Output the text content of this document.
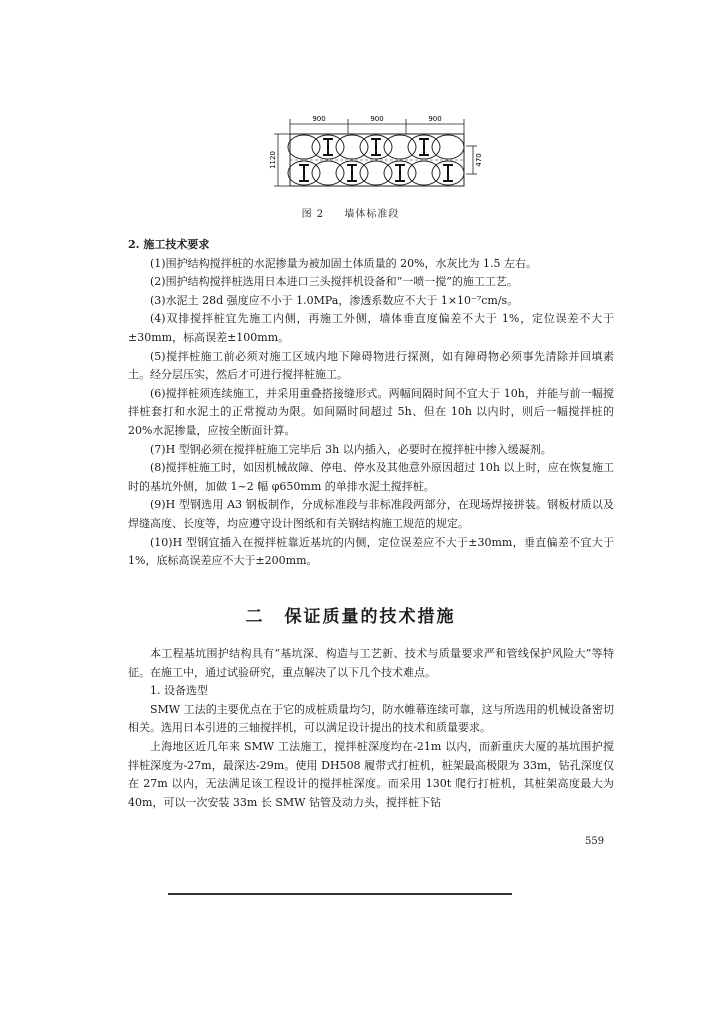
900	900	900
1120	470
图 2 墙体标准段

2. 施工技术要求

(1)围护结构搅拌桩的水泥掺量为被加固土体质量的 20%，水灰比为 1.5 左右。

(2)围护结构搅拌桩选用日本进口三头搅拌机设备和“一喷一搅”的施工工艺。

(3)水泥土 28d 强度应不小于 1.0MPa，渗透系数应不大于 1×10⁻⁷cm/s。

(4)双排搅拌桩宜先施工内侧，再施工外侧，墙体垂直度偏差不大于 1%，定位误差不大于±30mm，标高误差±100mm。

(5)搅拌桩施工前必须对施工区域内地下障碍物进行探测，如有障碍物必须事先清除并回填素土。经分层压实，然后才可进行搅拌桩施工。

(6)搅拌桩须连续施工，并采用重叠搭接缝形式。两幅间隔时间不宜大于 10h，并能与前一幅搅拌桩套打和水泥土的正常搅动为限。如间隔时间超过 5h、但在 10h 以内时，则后一幅搅拌桩的 20%水泥掺量，应按全断面计算。

(7)H 型钢必须在搅拌桩施工完毕后 3h 以内插入，必要时在搅拌桩中掺入缓凝剂。

(8)搅拌桩施工时，如因机械故障、停电、停水及其他意外原因超过 10h 以上时，应在恢复施工时的基坑外侧，加做 1~2 幅 φ650mm 的单排水泥土搅拌桩。

(9)H 型钢选用 A3 钢板制作，分成标准段与非标准段两部分，在现场焊接拼装。钢板材质以及焊缝高度、长度等，均应遵守设计图纸和有关钢结构施工规范的规定。

(10)H 型钢宜插入在搅拌桩靠近基坑的内侧，定位误差应不大于±30mm，垂直偏差不宜大于 1%，底标高误差应不大于±200mm。

二 保证质量的技术措施

本工程基坑围护结构具有“基坑深、构造与工艺新、技术与质量要求严和管线保护风险大”等特征。在施工中，通过试验研究，重点解决了以下几个技术难点。

1. 设备选型

SMW 工法的主要优点在于它的成桩质量均匀，防水帷幕连续可靠，这与所选用的机械设备密切相关。选用日本引进的三轴搅拌机，可以满足设计提出的技术和质量要求。

上海地区近几年来 SMW 工法施工，搅拌桩深度均在-21m 以内，而新重庆大厦的基坑围护搅拌桩深度为-27m，最深达-29m。使用 DH508 履带式打桩机，桩架最高极限为 33m，钻孔深度仅在 27m 以内，无法满足该工程设计的搅拌桩深度。而采用 130t 爬行打桩机，其桩架高度最大为 40m，可以一次安装 33m 长 SMW 钻管及动力头，搅拌桩下钻

559
